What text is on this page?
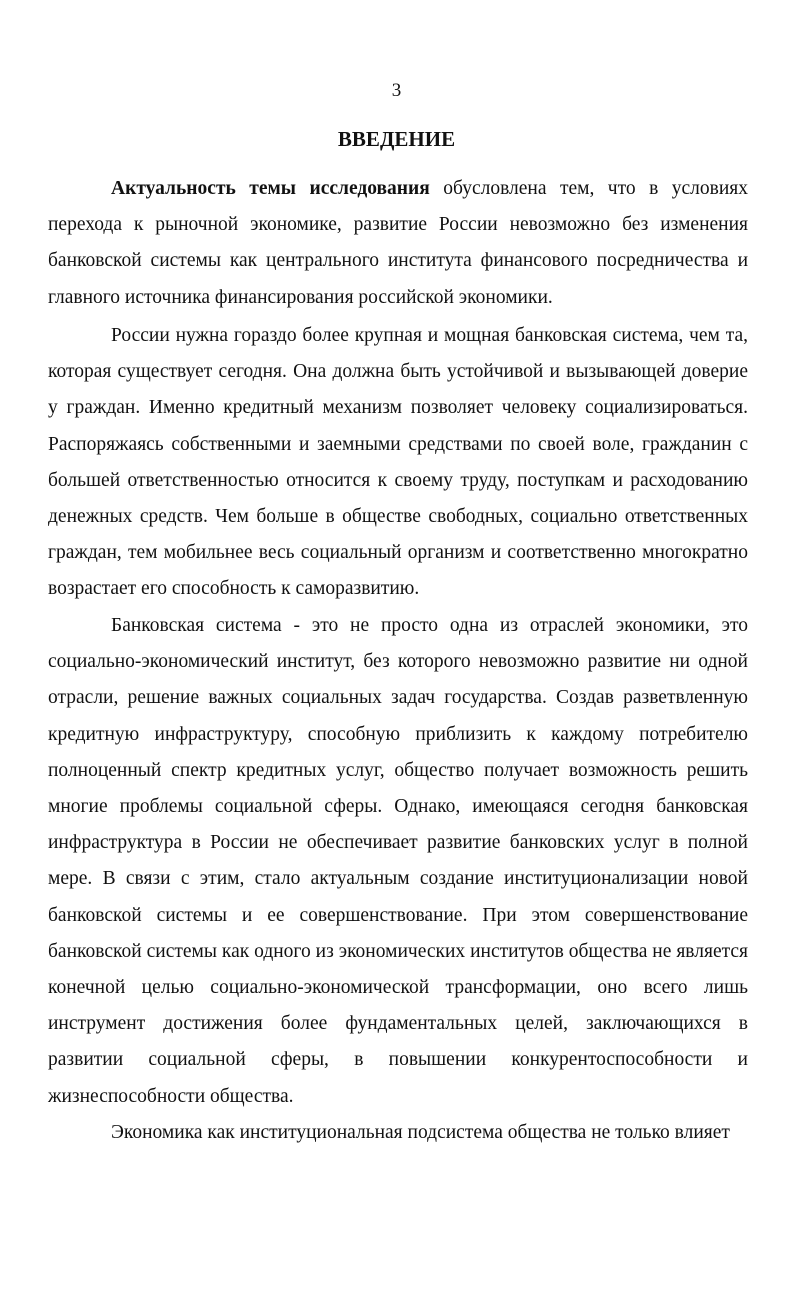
3
ВВЕДЕНИЕ

Актуальность темы исследования обусловлена тем, что в условиях перехода к рыночной экономике, развитие России невозможно без изменения банковской системы как центрального института финансового посредничества и главного источника финансирования российской экономики.

России нужна гораздо более крупная и мощная банковская система, чем та, которая существует сегодня. Она должна быть устойчивой и вызывающей доверие у граждан. Именно кредитный механизм позволяет человеку социализироваться. Распоряжаясь собственными и заемными средствами по своей воле, гражданин с большей ответственностью относится к своему труду, поступкам и расходованию денежных средств. Чем больше в обществе свободных, социально ответственных граждан, тем мобильнее весь социальный организм и соответственно многократно возрастает его способность к саморазвитию.

Банковская система - это не просто одна из отраслей экономики, это социально-экономический институт, без которого невозможно развитие ни одной отрасли, решение важных социальных задач государства. Создав разветвленную кредитную инфраструктуру, способную приблизить к каждому потребителю полноценный спектр кредитных услуг, общество получает возможность решить многие проблемы социальной сферы. Однако, имеющаяся сегодня банковская инфраструктура в России не обеспечивает развитие банковских услуг в полной мере. В связи с этим, стало актуальным создание институционализации новой банковской системы и ее совершенствование. При этом совершенствование банковской системы как одного из экономических институтов общества не является конечной целью социально-экономической трансформации, оно всего лишь инструмент достижения более фундаментальных целей, заключающихся в развитии социальной сферы, в повышении конкурентоспособности и жизнеспособности общества.

Экономика как институциональная подсистема общества не только влияет
